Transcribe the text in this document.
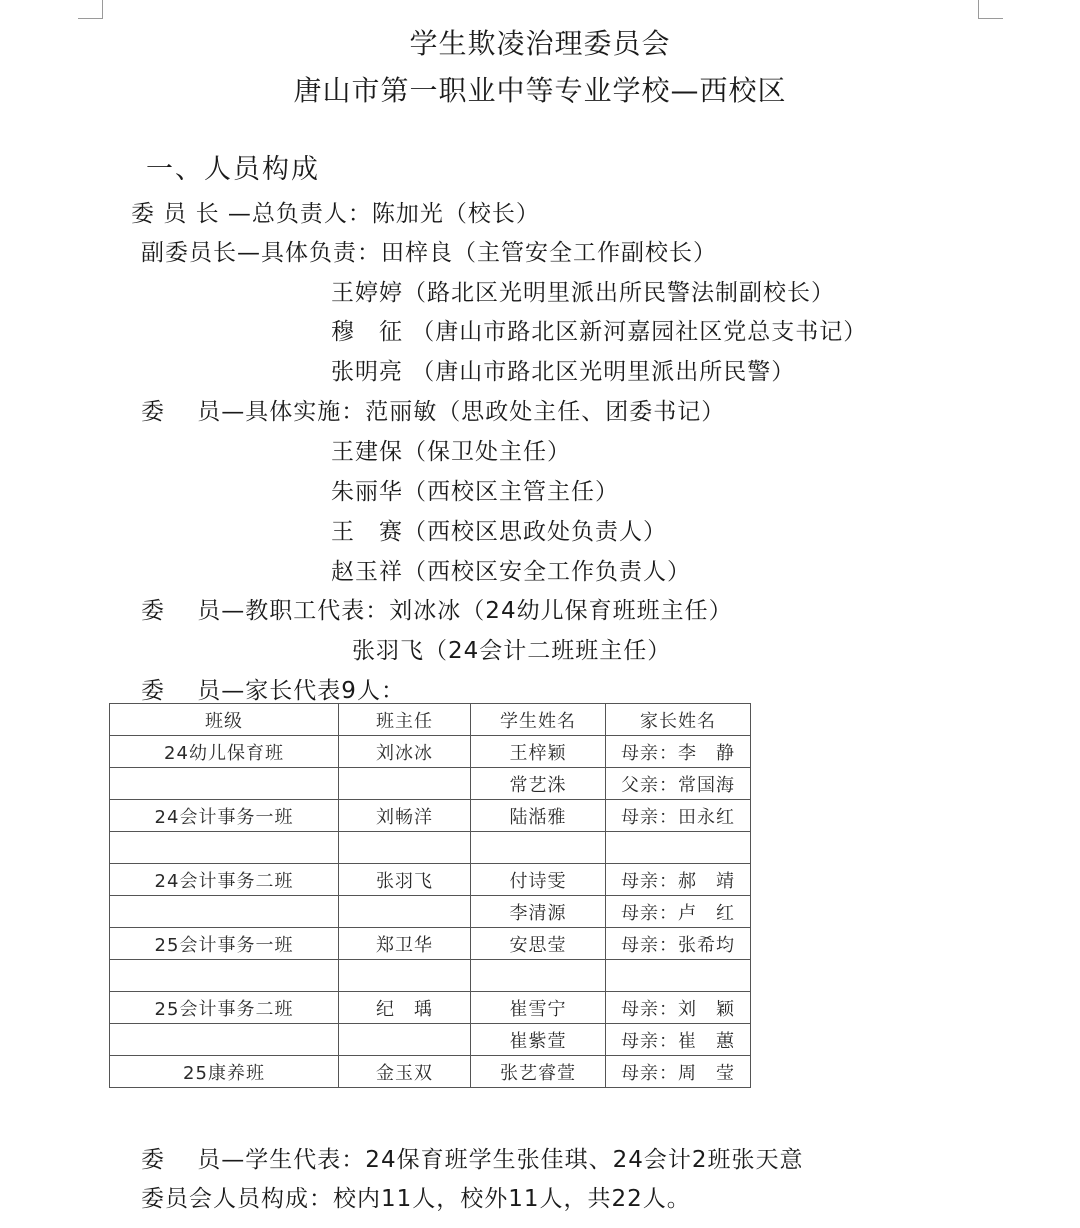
学生欺凌治理委员会
唐山市第一职业中等专业学校—西校区
一、人员构成
委 员 长 —总负责人：陈加光（校长）
副委员长—具体负责：田梓良（主管安全工作副校长）
王婷婷（路北区光明里派出所民警法制副校长）
穆　征 （唐山市路北区新河嘉园社区党总支书记）
张明亮 （唐山市路北区光明里派出所民警）
委　 员—具体实施：范丽敏（思政处主任、团委书记）
王建保（保卫处主任）
朱丽华（西校区主管主任）
王　赛（西校区思政处负责人）
赵玉祥（西校区安全工作负责人）
委　 员—教职工代表：刘冰冰（24幼儿保育班班主任）
张羽飞（24会计二班班主任）
委　 员—家长代表9人：
班级	班主任	学生姓名	家长姓名
24幼儿保育班	刘冰冰	王梓颖	母亲：李　静
		常艺洙	父亲：常国海
24会计事务一班	刘畅洋	陆湉雅	母亲：田永红

24会计事务二班	张羽飞	付诗雯	母亲：郝　靖
		李清源	母亲：卢　红
25会计事务一班	郑卫华	安思莹	母亲：张希均

25会计事务二班	纪　瑀	崔雪宁	母亲：刘　颖
		崔紫萱	母亲：崔　蕙
25康养班	金玉双	张艺睿萱	母亲：周　莹
委　 员—学生代表：24保育班学生张佳琪、24会计2班张天意
委员会人员构成：校内11人，校外11人，共22人。
